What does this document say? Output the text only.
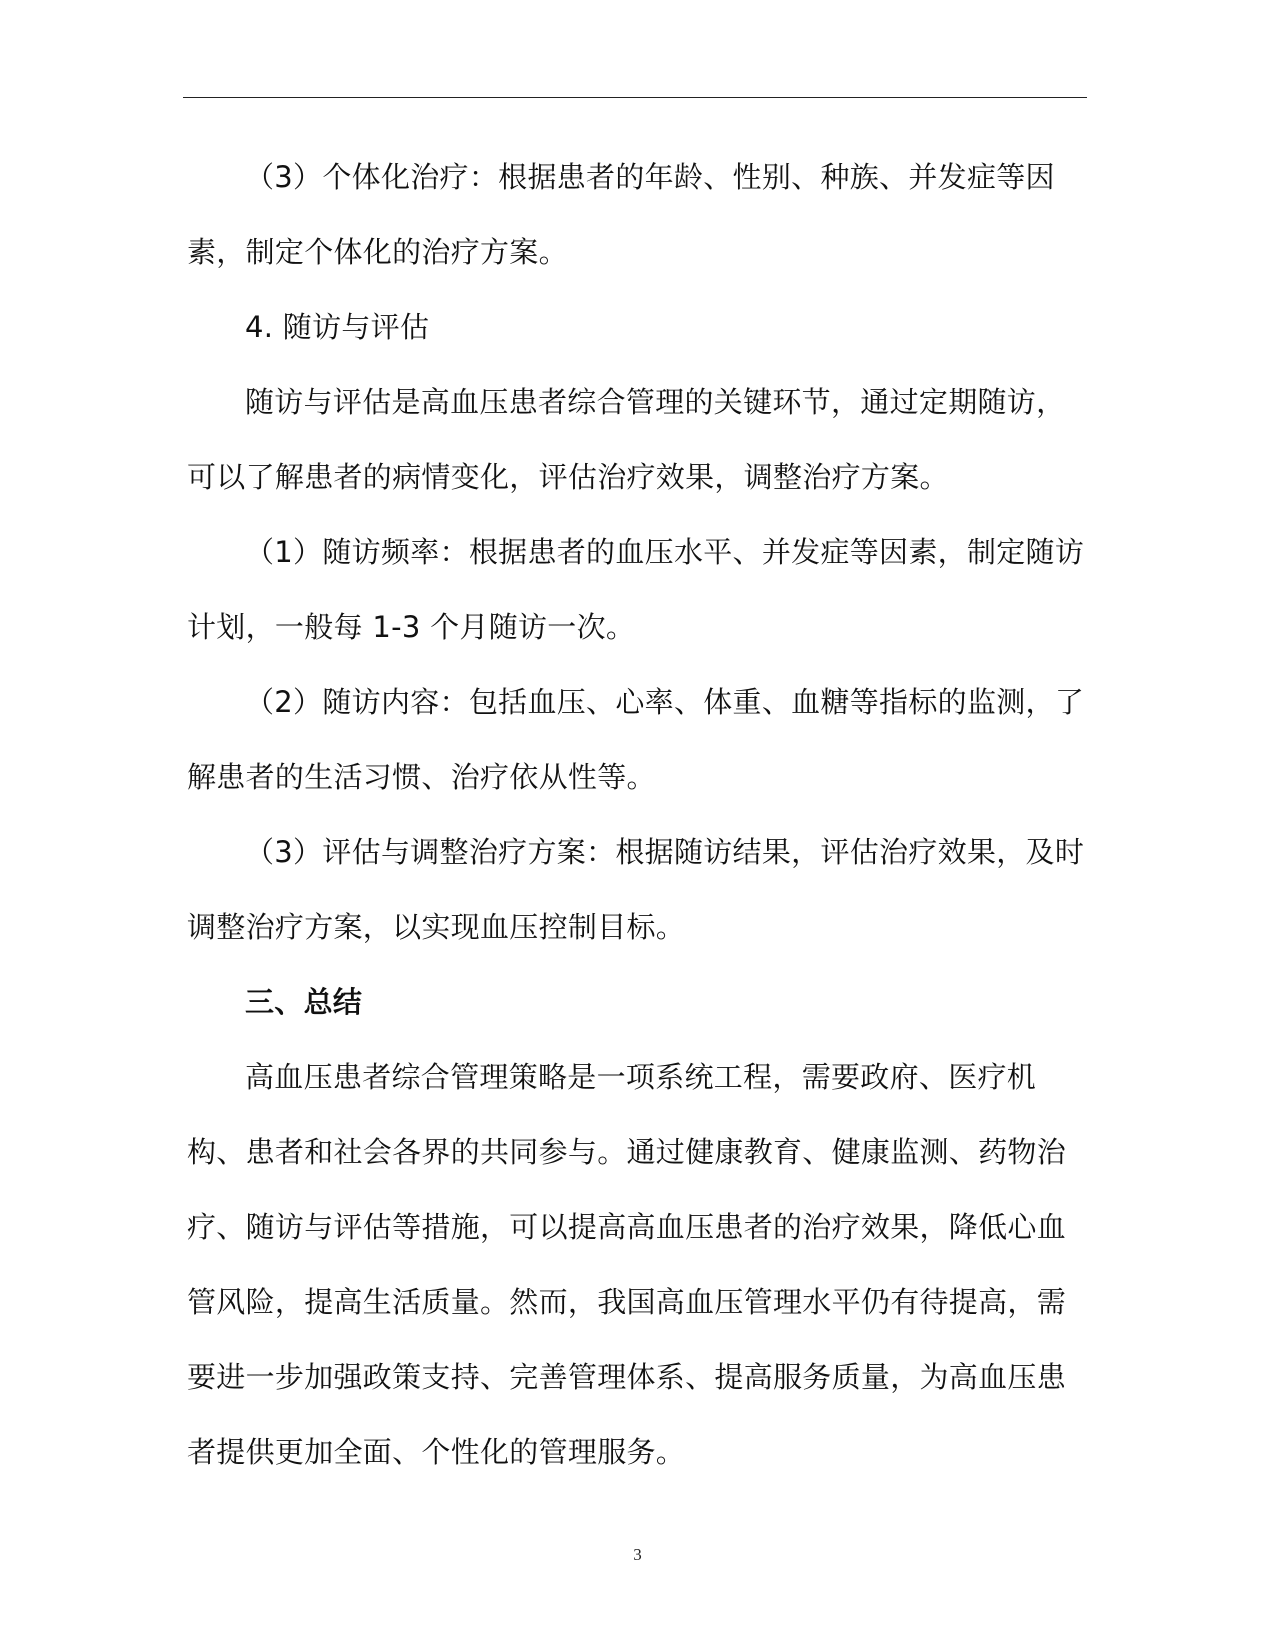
（3）个体化治疗：根据患者的年龄、性别、种族、并发症等因
素，制定个体化的治疗方案。

4. 随访与评估

随访与评估是高血压患者综合管理的关键环节，通过定期随访，
可以了解患者的病情变化，评估治疗效果，调整治疗方案。

（1）随访频率：根据患者的血压水平、并发症等因素，制定随访
计划，一般每 1-3 个月随访一次。

（2）随访内容：包括血压、心率、体重、血糖等指标的监测，了
解患者的生活习惯、治疗依从性等。

（3）评估与调整治疗方案：根据随访结果，评估治疗效果，及时
调整治疗方案，以实现血压控制目标。

三、总结

高血压患者综合管理策略是一项系统工程，需要政府、医疗机
构、患者和社会各界的共同参与。通过健康教育、健康监测、药物治
疗、随访与评估等措施，可以提高高血压患者的治疗效果，降低心血
管风险，提高生活质量。然而，我国高血压管理水平仍有待提高，需
要进一步加强政策支持、完善管理体系、提高服务质量，为高血压患
者提供更加全面、个性化的管理服务。

3
